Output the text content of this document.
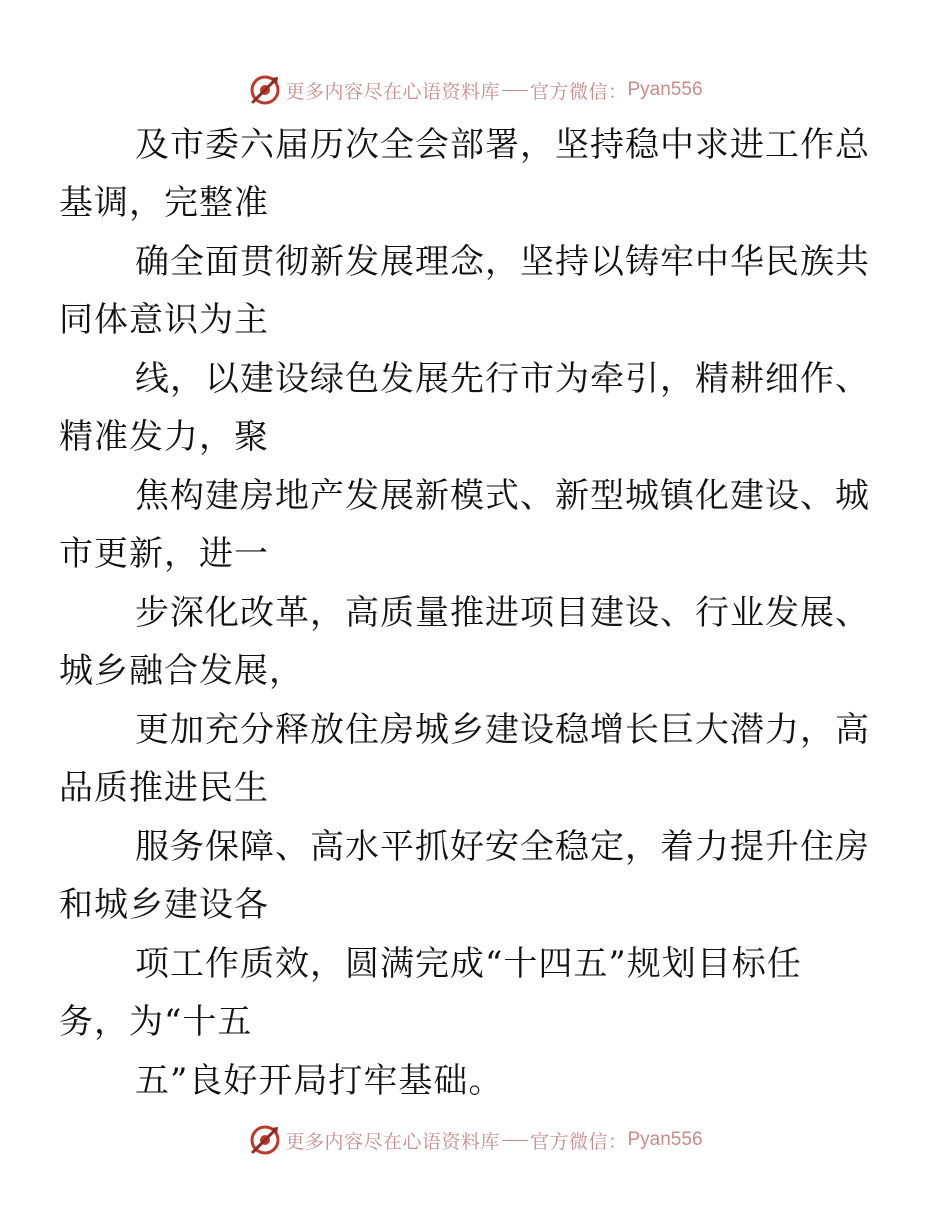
更多内容尽在心语资料库 官方微信： Pyan556

及市委六届历次全会部署，坚持稳中求进工作总
基调，完整准

确全面贯彻新发展理念，坚持以铸牢中华民族共
同体意识为主

线，以建设绿色发展先行市为牵引，精耕细作、
精准发力，聚

焦构建房地产发展新模式、新型城镇化建设、城
市更新，进一

步深化改革，高质量推进项目建设、行业发展、
城乡融合发展，

更加充分释放住房城乡建设稳增长巨大潜力，高
品质推进民生

服务保障、高水平抓好安全稳定，着力提升住房
和城乡建设各

项工作质效，圆满完成“十四五”规划目标任
务，为“十五

五”良好开局打牢基础。

更多内容尽在心语资料库 官方微信： Pyan556
